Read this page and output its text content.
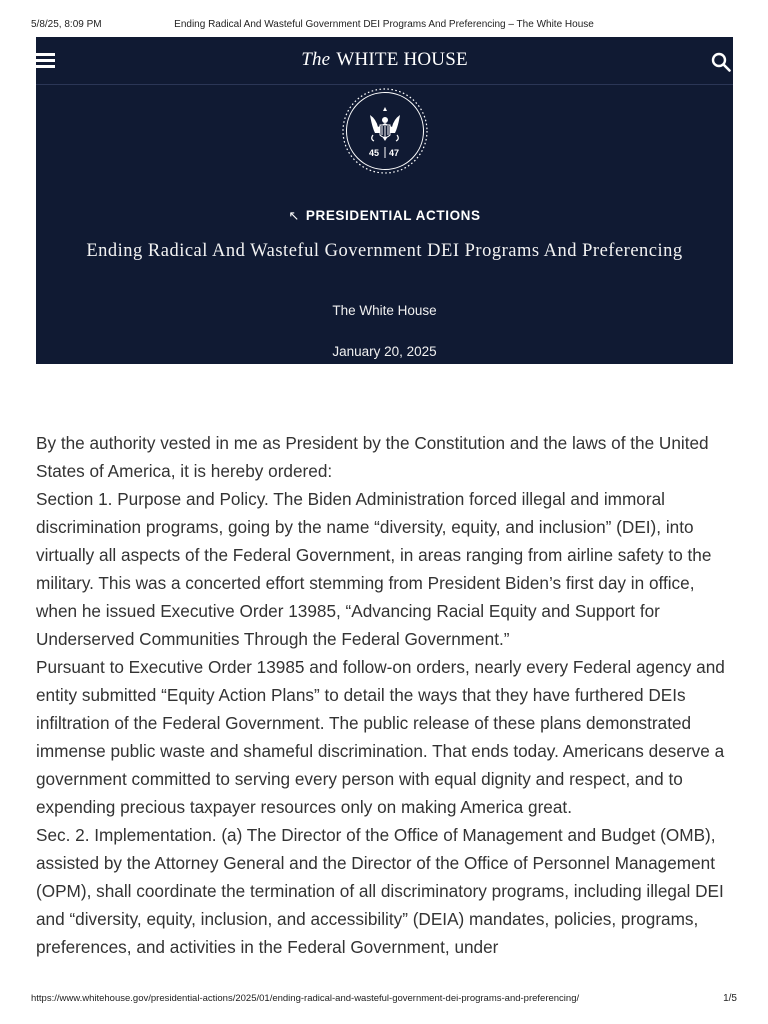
5/8/25, 8:09 PM	Ending Radical And Wasteful Government DEI Programs And Preferencing – The White House
The WHITE HOUSE
45 47
↖ PRESIDENTIAL ACTIONS
Ending Radical And Wasteful Government DEI Programs And Preferencing
The White House
January 20, 2025

By the authority vested in me as President by the Constitution and the laws of the United States of America, it is hereby ordered:

Section 1. Purpose and Policy. The Biden Administration forced illegal and immoral discrimination programs, going by the name “diversity, equity, and inclusion” (DEI), into virtually all aspects of the Federal Government, in areas ranging from airline safety to the military. This was a concerted effort stemming from President Biden’s first day in office, when he issued Executive Order 13985, “Advancing Racial Equity and Support for Underserved Communities Through the Federal Government.”

Pursuant to Executive Order 13985 and follow-on orders, nearly every Federal agency and entity submitted “Equity Action Plans” to detail the ways that they have furthered DEIs infiltration of the Federal Government. The public release of these plans demonstrated immense public waste and shameful discrimination. That ends today. Americans deserve a government committed to serving every person with equal dignity and respect, and to expending precious taxpayer resources only on making America great.

Sec. 2. Implementation. (a) The Director of the Office of Management and Budget (OMB), assisted by the Attorney General and the Director of the Office of Personnel Management (OPM), shall coordinate the termination of all discriminatory programs, including illegal DEI and “diversity, equity, inclusion, and accessibility” (DEIA) mandates, policies, programs, preferences, and activities in the Federal Government, under

https://www.whitehouse.gov/presidential-actions/2025/01/ending-radical-and-wasteful-government-dei-programs-and-preferencing/	1/5
